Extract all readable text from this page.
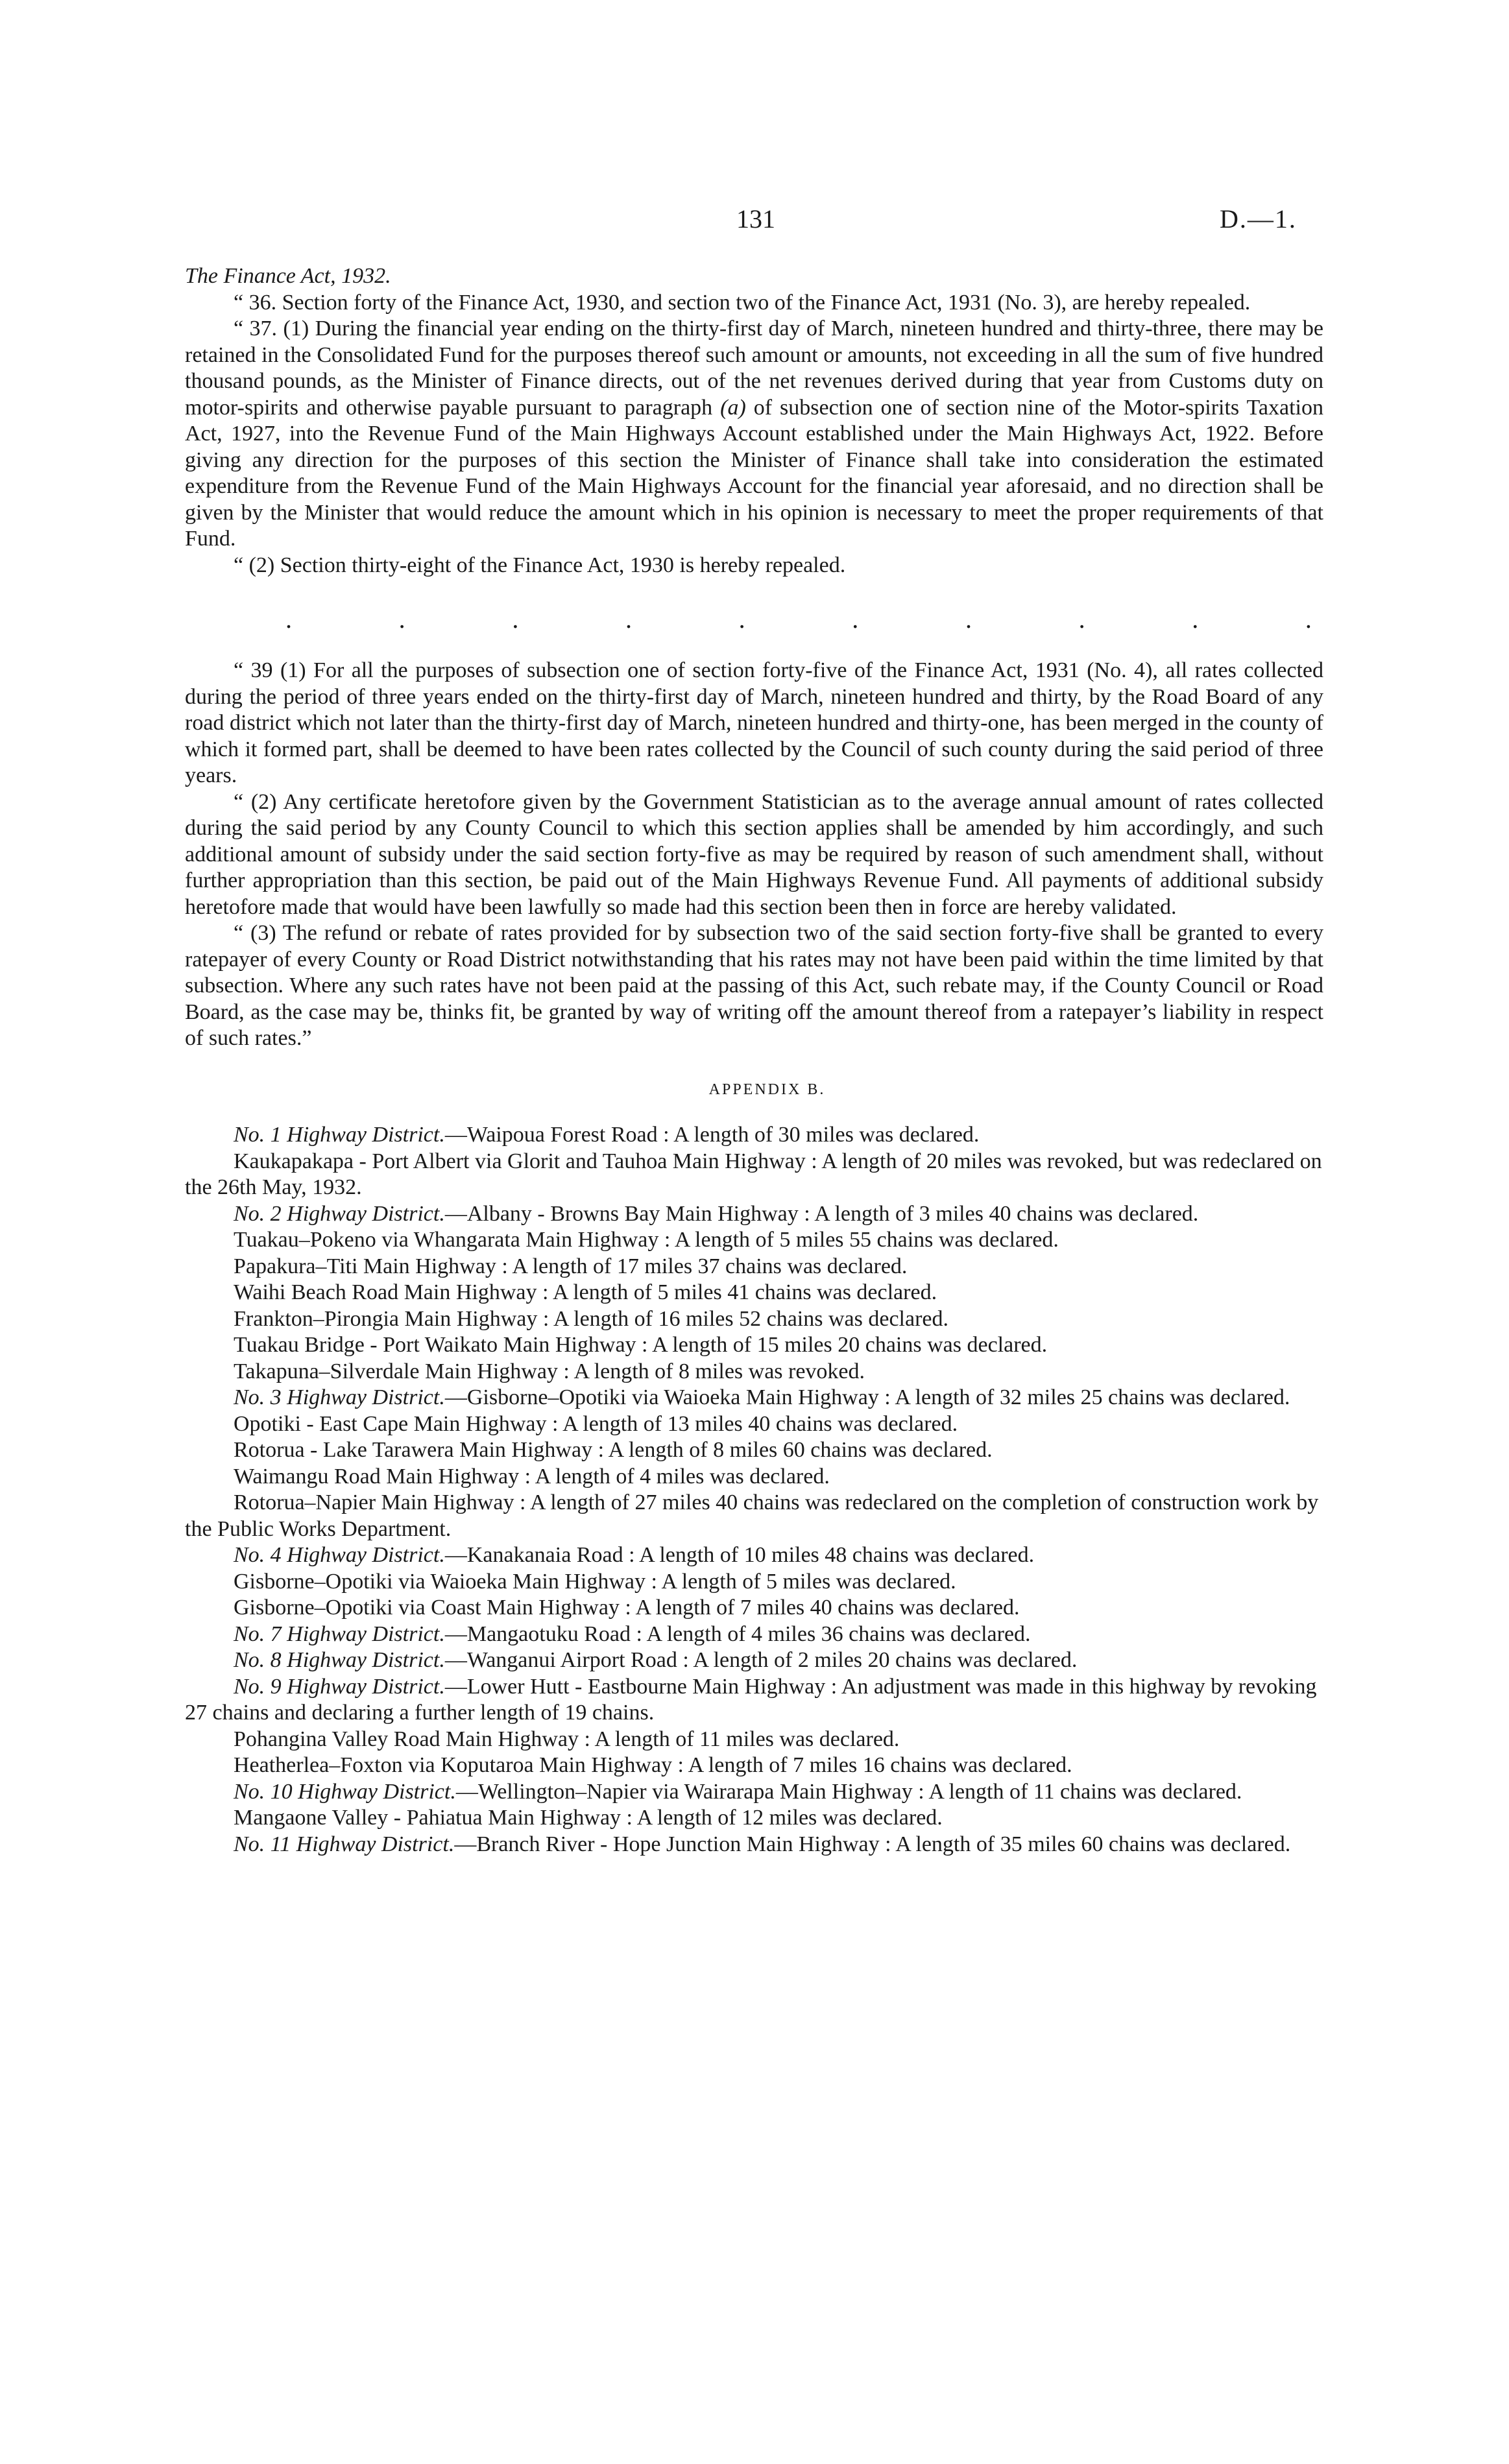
131	D.—1.

The Finance Act, 1932.

“ 36. Section forty of the Finance Act, 1930, and section two of the Finance Act, 1931 (No. 3), are hereby repealed.

“ 37. (1) During the financial year ending on the thirty-first day of March, nineteen hundred and thirty-three, there may be retained in the Consolidated Fund for the purposes thereof such amount or amounts, not exceeding in all the sum of five hundred thousand pounds, as the Minister of Finance directs, out of the net revenues derived during that year from Customs duty on motor-spirits and otherwise payable pursuant to paragraph (a) of subsection one of section nine of the Motor-spirits Taxation Act, 1927, into the Revenue Fund of the Main Highways Account established under the Main Highways Act, 1922. Before giving any direction for the purposes of this section the Minister of Finance shall take into consideration the estimated expenditure from the Revenue Fund of the Main Highways Account for the financial year aforesaid, and no direction shall be given by the Minister that would reduce the amount which in his opinion is necessary to meet the proper requirements of that Fund.

“ (2) Section thirty-eight of the Finance Act, 1930 is hereby repealed.

.	.	.	.	.	.	.	.	.	.

“ 39 (1) For all the purposes of subsection one of section forty-five of the Finance Act, 1931 (No. 4), all rates collected during the period of three years ended on the thirty-first day of March, nineteen hundred and thirty, by the Road Board of any road district which not later than the thirty-first day of March, nineteen hundred and thirty-one, has been merged in the county of which it formed part, shall be deemed to have been rates collected by the Council of such county during the said period of three years.

“ (2) Any certificate heretofore given by the Government Statistician as to the average annual amount of rates collected during the said period by any County Council to which this section applies shall be amended by him accordingly, and such additional amount of subsidy under the said section forty-five as may be required by reason of such amendment shall, without further appropriation than this section, be paid out of the Main Highways Revenue Fund. All payments of additional subsidy heretofore made that would have been lawfully so made had this section been then in force are hereby validated.

“ (3) The refund or rebate of rates provided for by subsection two of the said section forty-five shall be granted to every ratepayer of every County or Road District notwithstanding that his rates may not have been paid within the time limited by that subsection. Where any such rates have not been paid at the passing of this Act, such rebate may, if the County Council or Road Board, as the case may be, thinks fit, be granted by way of writing off the amount thereof from a ratepayer’s liability in respect of such rates.”

APPENDIX B.

No. 1 Highway District.—Waipoua Forest Road : A length of 30 miles was declared.

Kaukapakapa - Port Albert via Glorit and Tauhoa Main Highway : A length of 20 miles was revoked, but was redeclared on the 26th May, 1932.

No. 2 Highway District.—Albany - Browns Bay Main Highway : A length of 3 miles 40 chains was declared.

Tuakau–Pokeno via Whangarata Main Highway : A length of 5 miles 55 chains was declared.

Papakura–Titi Main Highway : A length of 17 miles 37 chains was declared.

Waihi Beach Road Main Highway : A length of 5 miles 41 chains was declared.

Frankton–Pirongia Main Highway : A length of 16 miles 52 chains was declared.

Tuakau Bridge - Port Waikato Main Highway : A length of 15 miles 20 chains was declared.

Takapuna–Silverdale Main Highway : A length of 8 miles was revoked.

No. 3 Highway District.—Gisborne–Opotiki via Waioeka Main Highway : A length of 32 miles 25 chains was declared.

Opotiki - East Cape Main Highway : A length of 13 miles 40 chains was declared.

Rotorua - Lake Tarawera Main Highway : A length of 8 miles 60 chains was declared.

Waimangu Road Main Highway : A length of 4 miles was declared.

Rotorua–Napier Main Highway : A length of 27 miles 40 chains was redeclared on the completion of construction work by the Public Works Department.

No. 4 Highway District.—Kanakanaia Road : A length of 10 miles 48 chains was declared.

Gisborne–Opotiki via Waioeka Main Highway : A length of 5 miles was declared.

Gisborne–Opotiki via Coast Main Highway : A length of 7 miles 40 chains was declared.

No. 7 Highway District.—Mangaotuku Road : A length of 4 miles 36 chains was declared.

No. 8 Highway District.—Wanganui Airport Road : A length of 2 miles 20 chains was declared.

No. 9 Highway District.—Lower Hutt - Eastbourne Main Highway : An adjustment was made in this highway by revoking 27 chains and declaring a further length of 19 chains.

Pohangina Valley Road Main Highway : A length of 11 miles was declared.

Heatherlea–Foxton via Koputaroa Main Highway : A length of 7 miles 16 chains was declared.

No. 10 Highway District.—Wellington–Napier via Wairarapa Main Highway : A length of 11 chains was declared.

Mangaone Valley - Pahiatua Main Highway : A length of 12 miles was declared.

No. 11 Highway District.—Branch River - Hope Junction Main Highway : A length of 35 miles 60 chains was declared.
